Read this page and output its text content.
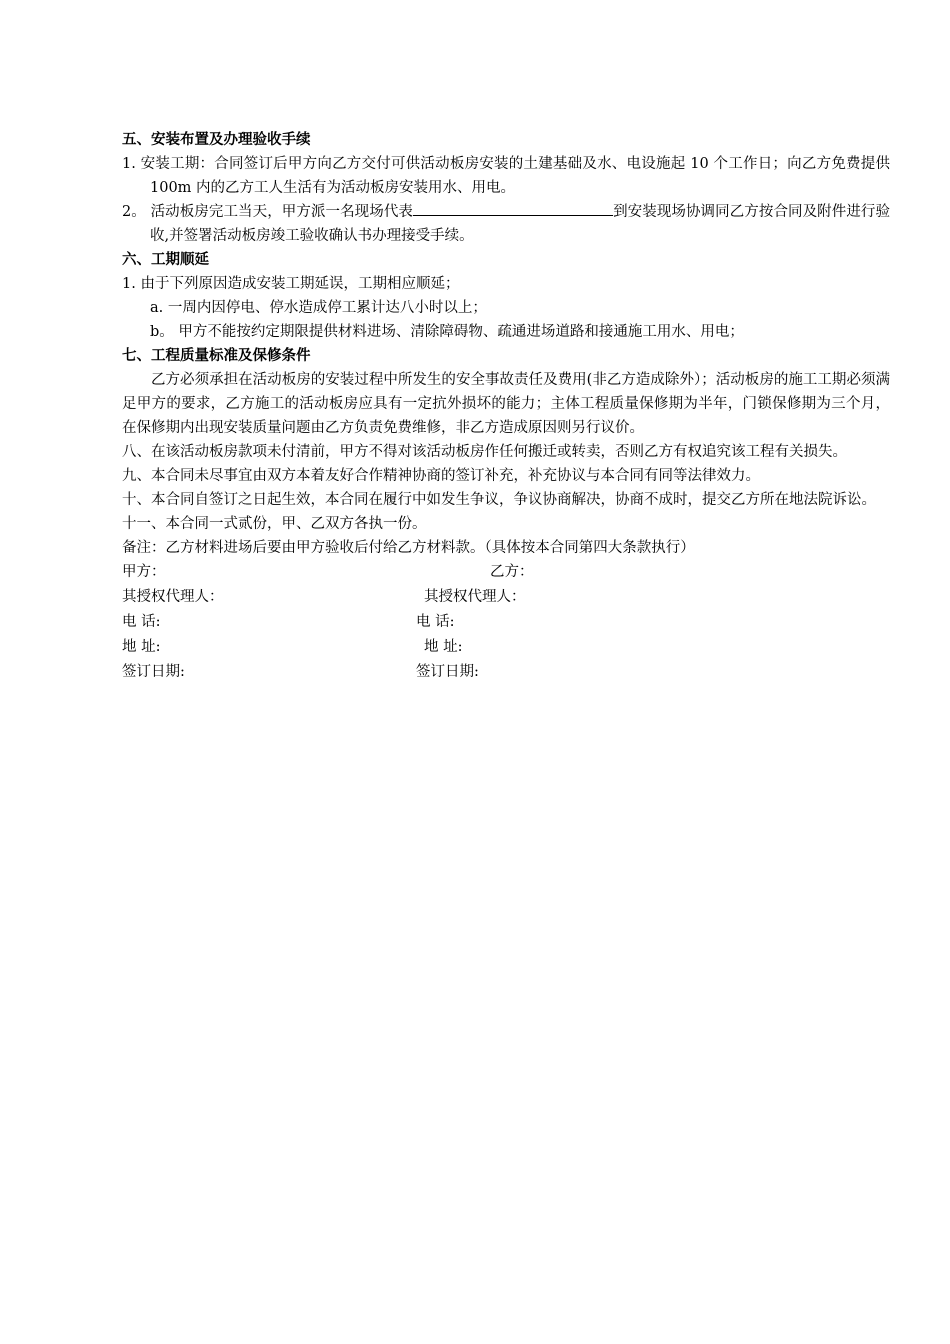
五、安装布置及办理验收手续
1. 安装工期：合同签订后甲方向乙方交付可供活动板房安装的土建基础及水、电设施起 10 个工作日；向乙方免费提供 100m 内的乙方工人生活有为活动板房安装用水、用电。
2。 活动板房完工当天，甲方派一名现场代表	到安装现场协调同乙方按合同及附件进行验收,并签署活动板房竣工验收确认书办理接受手续。
六、工期顺延
1. 由于下列原因造成安装工期延误，工期相应顺延；
a. 一周内因停电、停水造成停工累计达八小时以上；
b。 甲方不能按约定期限提供材料进场、清除障碍物、疏通进场道路和接通施工用水、用电；
七、工程质量标准及保修条件
乙方必须承担在活动板房的安装过程中所发生的安全事故责任及费用(非乙方造成除外）；活动板房的施工工期必须满足甲方的要求，乙方施工的活动板房应具有一定抗外损坏的能力；主体工程质量保修期为半年，门锁保修期为三个月，在保修期内出现安装质量问题由乙方负责免费维修，非乙方造成原因则另行议价。
八、在该活动板房款项未付清前，甲方不得对该活动板房作任何搬迁或转卖，否则乙方有权追究该工程有关损失。
九、本合同未尽事宜由双方本着友好合作精神协商的签订补充，补充协议与本合同有同等法律效力。
十、本合同自签订之日起生效，本合同在履行中如发生争议，争议协商解决，协商不成时，提交乙方所在地法院诉讼。
十一、本合同一式贰份，甲、乙双方各执一份。
备注：乙方材料进场后要由甲方验收后付给乙方材料款。（具体按本合同第四大条款执行）
甲方：	乙方：
其授权代理人：	其授权代理人：
电 话:	电 话:
地 址:	地 址:
签订日期:	签订日期:
